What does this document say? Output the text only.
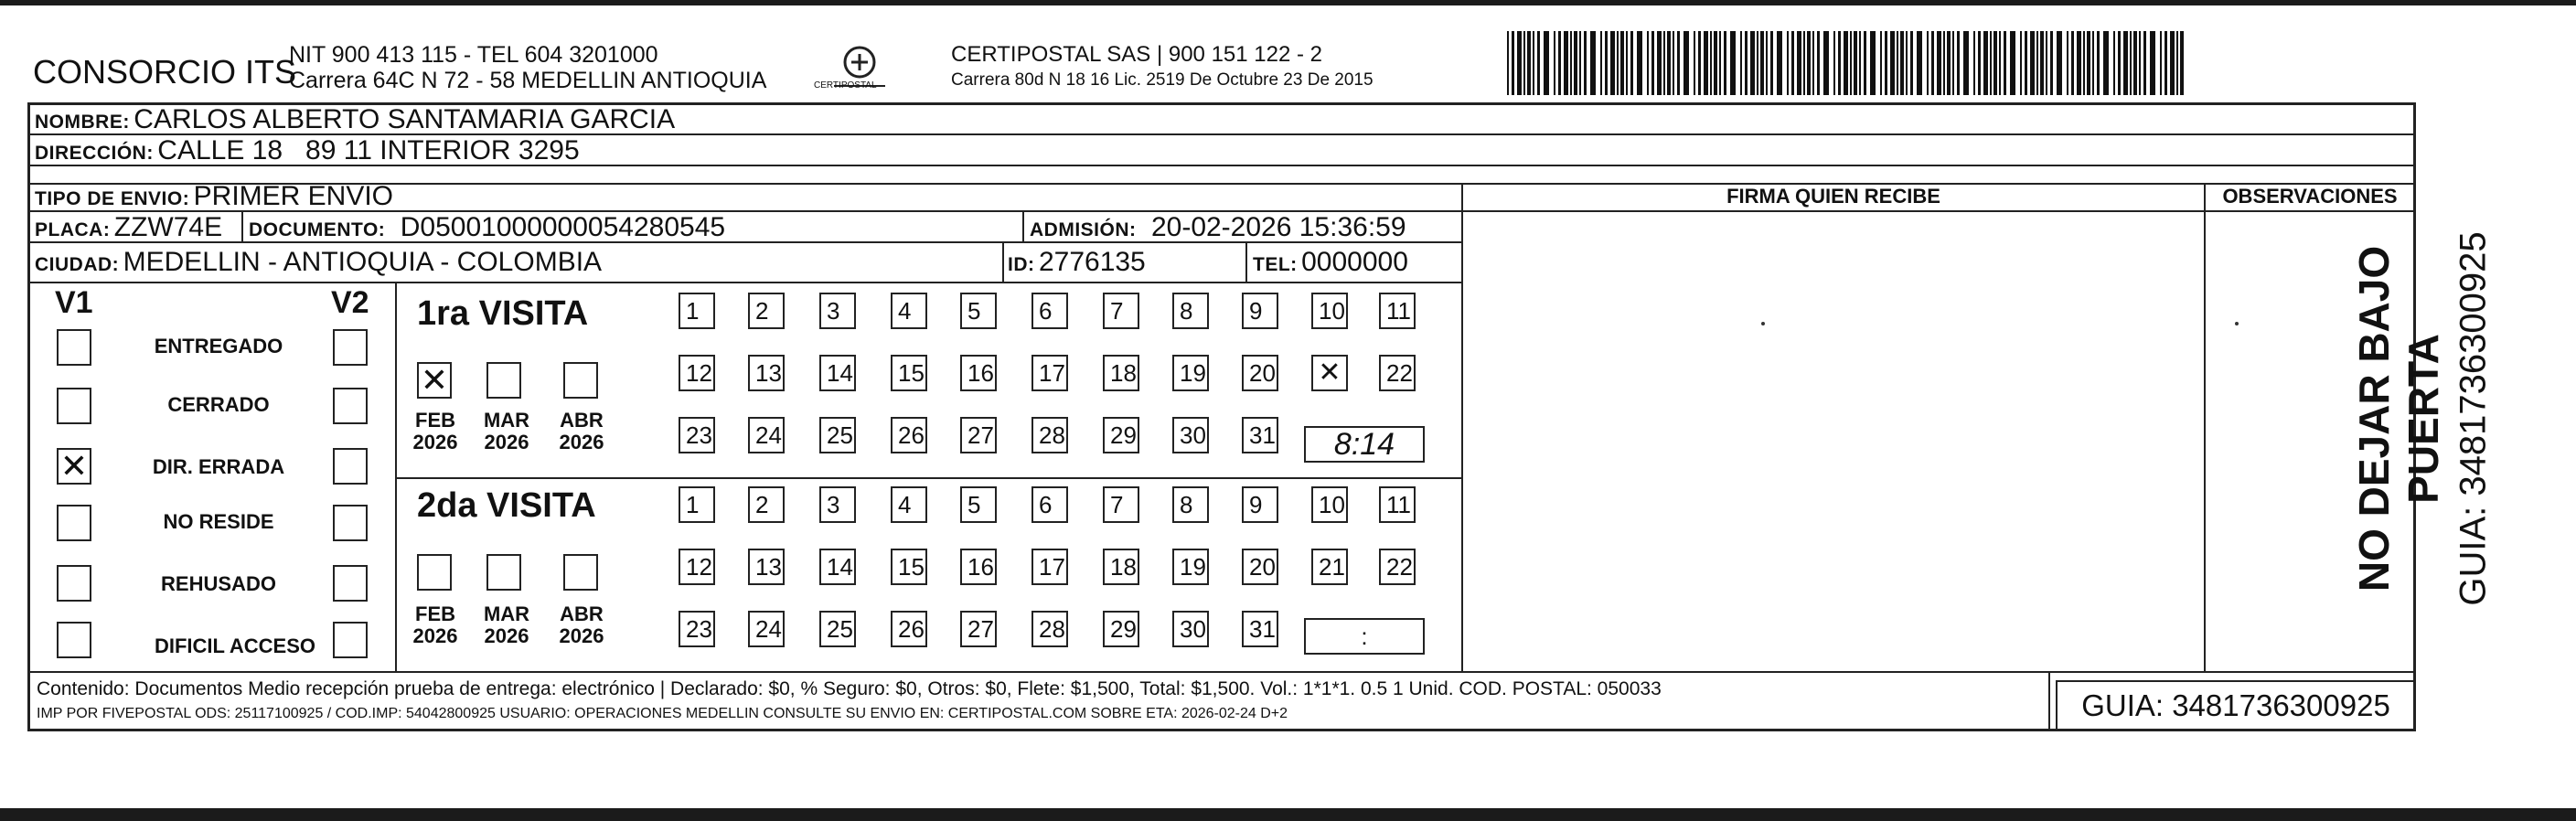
CONSORCIO ITS
NIT 900 413 115 - TEL 604 3201000
Carrera 64C N 72 - 58 MEDELLIN ANTIOQUIA	CERTIPOSTAL
CERTIPOSTAL SAS | 900 151 122 - 2
Carrera 80d N 18 16 Lic. 2519 De Octubre 23 De 2015
NOMBRE: CARLOS ALBERTO SANTAMARIA GARCIA
DIRECCIÓN: CALLE 18   89 11 INTERIOR 3295
TIPO DE ENVIO: PRIMER ENVIO	FIRMA QUIEN RECIBE	OBSERVACIONES
PLACA: ZZW74E DOCUMENTO: D05001000000054280545	ADMISIÓN: 20-02-2026 15:36:59
CIUDAD: MEDELLIN - ANTIOQUIA - COLOMBIA	ID: 2776135	TEL: 0000000
V1	V2
ENTREGADO
CERRADO
✕	DIR. ERRADA
NO RESIDE
REHUSADO
DIFICIL ACCESO
1ra VISITA
✕
FEB
2026
MAR
2026
ABR
2026
1	2	3	4	5	6	7	8	9	10	11
12	13	14	15	16	17	18	19	20 ✕	22
23	24	25	26	27	28	29	30	31	8:14
2da VISITA
FEB
2026
MAR
2026
ABR
2026
1	2	3	4	5	6	7	8	9	10	11
12	13	14	15	16	17	18	19	20	21	22
23	24	25	26	27	28	29	30	31	:
Contenido: Documentos Medio recepción prueba de entrega: electrónico | Declarado: $0, % Seguro: $0, Otros: $0, Flete: $1,500, Total: $1,500. Vol.: 1*1*1. 0.5 1 Unid. COD. POSTAL: 050033
IMP POR FIVEPOSTAL ODS: 25117100925 / COD.IMP: 54042800925 USUARIO: OPERACIONES MEDELLIN CONSULTE SU ENVIO EN: CERTIPOSTAL.COM SOBRE ETA: 2026-02-24 D+2	GUIA: 3481736300925
NO DEJAR BAJO PUERTA GUIA: 3481736300925
